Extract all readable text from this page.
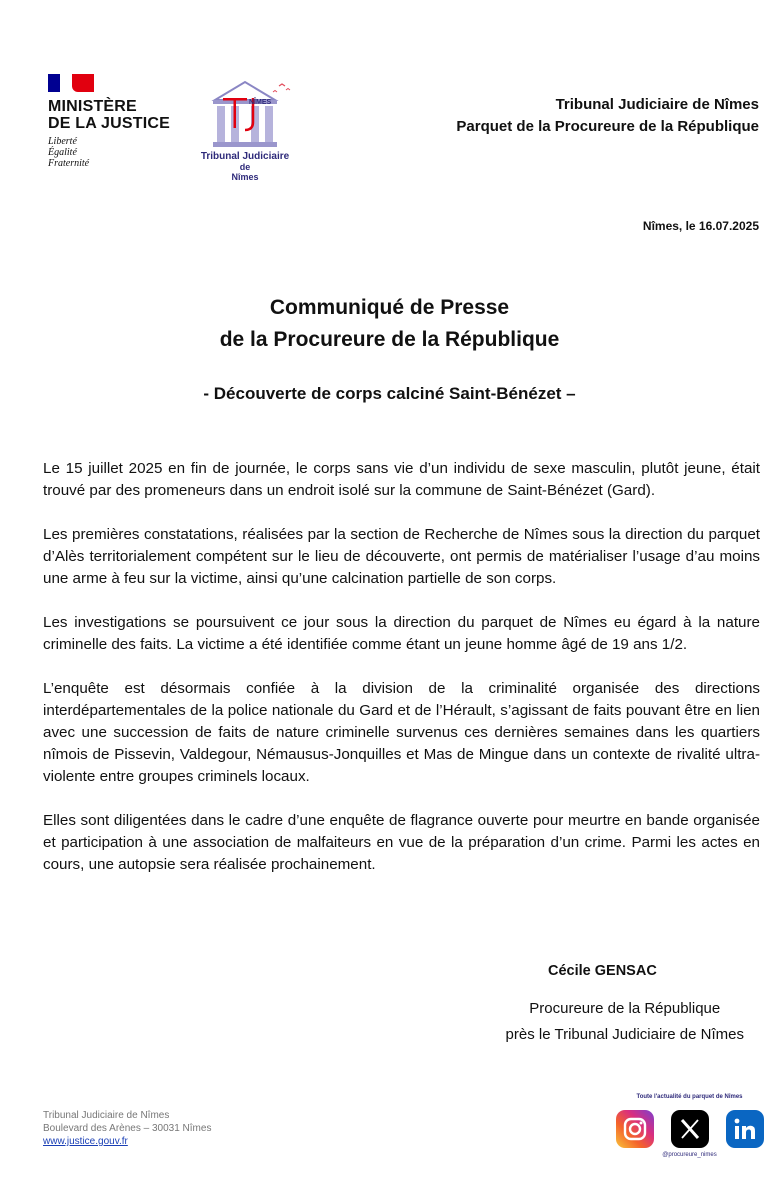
MINISTÈRE
DE LA JUSTICE
Liberté
Égalité
Fraternité
NÎMES
Tribunal Judiciaire
de
Nîmes
Tribunal Judiciaire de Nîmes
Parquet de la Procureure de la République
Nîmes, le 16.07.2025
Communiqué de Presse
de la Procureure de la République
- Découverte de corps calciné Saint-Bénézet –

Le 15 juillet 2025 en fin de journée, le corps sans vie d’un individu de sexe masculin, plutôt jeune, était trouvé par des promeneurs dans un endroit isolé sur la commune de Saint-Bénézet (Gard).

Les premières constatations, réalisées par la section de Recherche de Nîmes sous la direction du parquet d’Alès territorialement compétent sur le lieu de découverte, ont permis de matérialiser l’usage d’au moins une arme à feu sur la victime, ainsi qu’une calcination partielle de son corps.

Les investigations se poursuivent ce jour sous la direction du parquet de Nîmes eu égard à la nature criminelle des faits. La victime a été identifiée comme étant un jeune homme âgé de 19 ans 1/2.

L’enquête est désormais confiée à la division de la criminalité organisée des directions interdépartementales de la police nationale du Gard et de l’Hérault, s’agissant de faits pouvant être en lien avec une succession de faits de nature criminelle survenus ces dernières semaines dans les quartiers nîmois de Pissevin, Valdegour, Némausus-Jonquilles et Mas de Mingue dans un contexte de rivalité ultra-violente entre groupes criminels locaux.

Elles sont diligentées dans le cadre d’une enquête de flagrance ouverte pour meurtre en bande organisée et participation à une association de malfaiteurs en vue de la préparation d’un crime. Parmi les actes en cours, une autopsie sera réalisée prochainement.

Cécile GENSAC
Procureure de la République
près le Tribunal Judiciaire de Nîmes
Tribunal Judiciaire de Nîmes
Boulevard des Arènes – 30031 Nîmes
www.justice.gouv.fr
Toute l'actualité du parquet de Nîmes
@procureure_nimes
